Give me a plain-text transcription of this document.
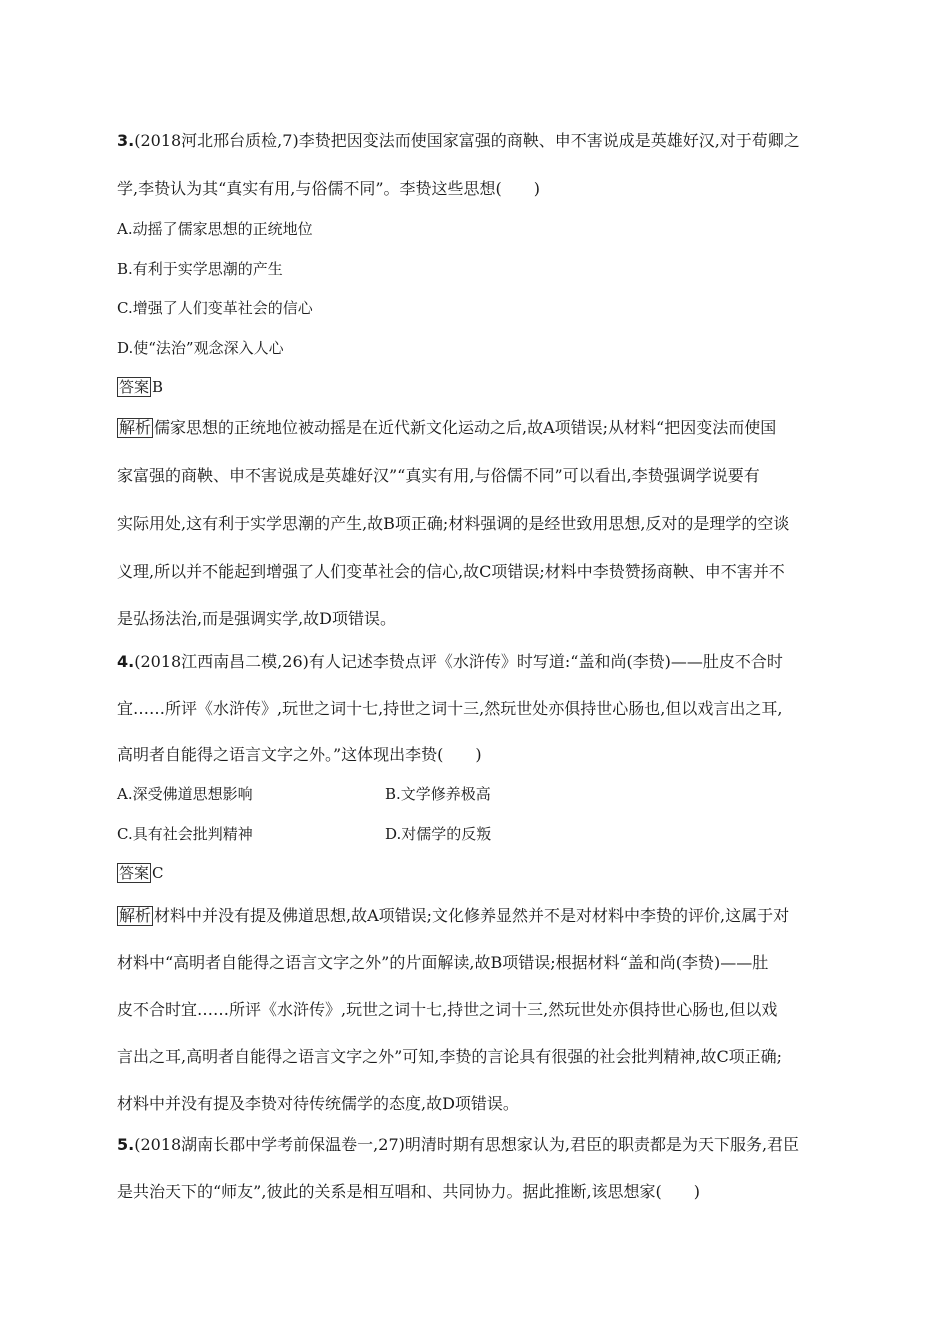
3.(2018河北邢台质检,7)李贽把因变法而使国家富强的商鞅、申不害说成是英雄好汉,对于荀卿之
学,李贽认为其“真实有用,与俗儒不同”。李贽这些思想(　　)
A.动摇了儒家思想的正统地位
B.有利于实学思潮的产生
C.增强了人们变革社会的信心
D.使“法治”观念深入人心
答案 B
解析 儒家思想的正统地位被动摇是在近代新文化运动之后,故A项错误;从材料“把因变法而使国
家富强的商鞅、申不害说成是英雄好汉”“真实有用,与俗儒不同”可以看出,李贽强调学说要有
实际用处,这有利于实学思潮的产生,故B项正确;材料强调的是经世致用思想,反对的是理学的空谈
义理,所以并不能起到增强了人们变革社会的信心,故C项错误;材料中李贽赞扬商鞅、申不害并不
是弘扬法治,而是强调实学,故D项错误。
4.(2018江西南昌二模,26)有人记述李贽点评《水浒传》时写道:“盖和尚(李贽)——肚皮不合时
宜……所评《水浒传》,玩世之词十七,持世之词十三,然玩世处亦俱持世心肠也,但以戏言出之耳,
高明者自能得之语言文字之外。”这体现出李贽(　　)
A.深受佛道思想影响	B.文学修养极高
C.具有社会批判精神	D.对儒学的反叛
答案 C
解析 材料中并没有提及佛道思想,故A项错误;文化修养显然并不是对材料中李贽的评价,这属于对
材料中“高明者自能得之语言文字之外”的片面解读,故B项错误;根据材料“盖和尚(李贽)——肚
皮不合时宜……所评《水浒传》,玩世之词十七,持世之词十三,然玩世处亦俱持世心肠也,但以戏
言出之耳,高明者自能得之语言文字之外”可知,李贽的言论具有很强的社会批判精神,故C项正确;
材料中并没有提及李贽对待传统儒学的态度,故D项错误。
5.(2018湖南长郡中学考前保温卷一,27)明清时期有思想家认为,君臣的职责都是为天下服务,君臣
是共治天下的“师友”,彼此的关系是相互唱和、共同协力。据此推断,该思想家(　　)
